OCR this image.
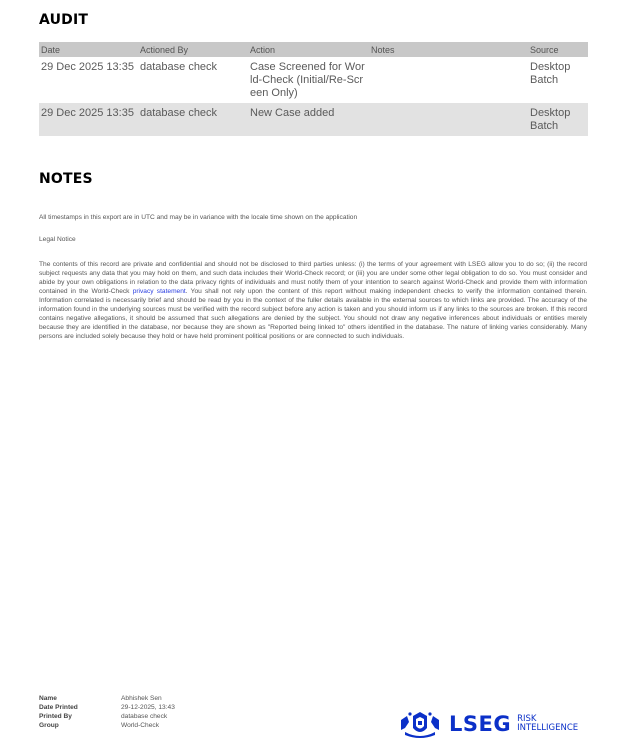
AUDIT
Date	Actioned By	Action	Notes	Source
29 Dec 2025 13:35	database check	Case Screened for World-Check (Initial/Re-Screen Only)		Desktop Batch
29 Dec 2025 13:35	database check	New Case added		Desktop Batch
NOTES

All timestamps in this export are in UTC and may be in variance with the locale time shown on the application

Legal Notice

The contents of this record are private and confidential and should not be disclosed to third parties unless: (i) the terms of your agreement with LSEG allow you to do so; (ii) the record subject requests any data that you may hold on them, and such data includes their World-Check record; or (iii) you are under some other legal obligation to do so. You must consider and abide by your own obligations in relation to the data privacy rights of individuals and must notify them of your intention to search against World-Check and provide them with information contained in the World-Check privacy statement. You shall not rely upon the content of this report without making independent checks to verify the information contained therein. Information correlated is necessarily brief and should be read by you in the context of the fuller details available in the external sources to which links are provided. The accuracy of the information found in the underlying sources must be verified with the record subject before any action is taken and you should inform us if any links to the sources are broken. If this record contains negative allegations, it should be assumed that such allegations are denied by the subject. You should not draw any negative inferences about individuals or entities merely because they are identified in the database, nor because they are shown as "Reported being linked to" others identified in the database. The nature of linking varies considerably. Many persons are included solely because they hold or have held prominent political positions or are connected to such individuals.

Name	Abhishek Sen
Date Printed	29-12-2025, 13:43
Printed By	database check
Group	World-Check	LSEG RISK
INTELLIGENCE
